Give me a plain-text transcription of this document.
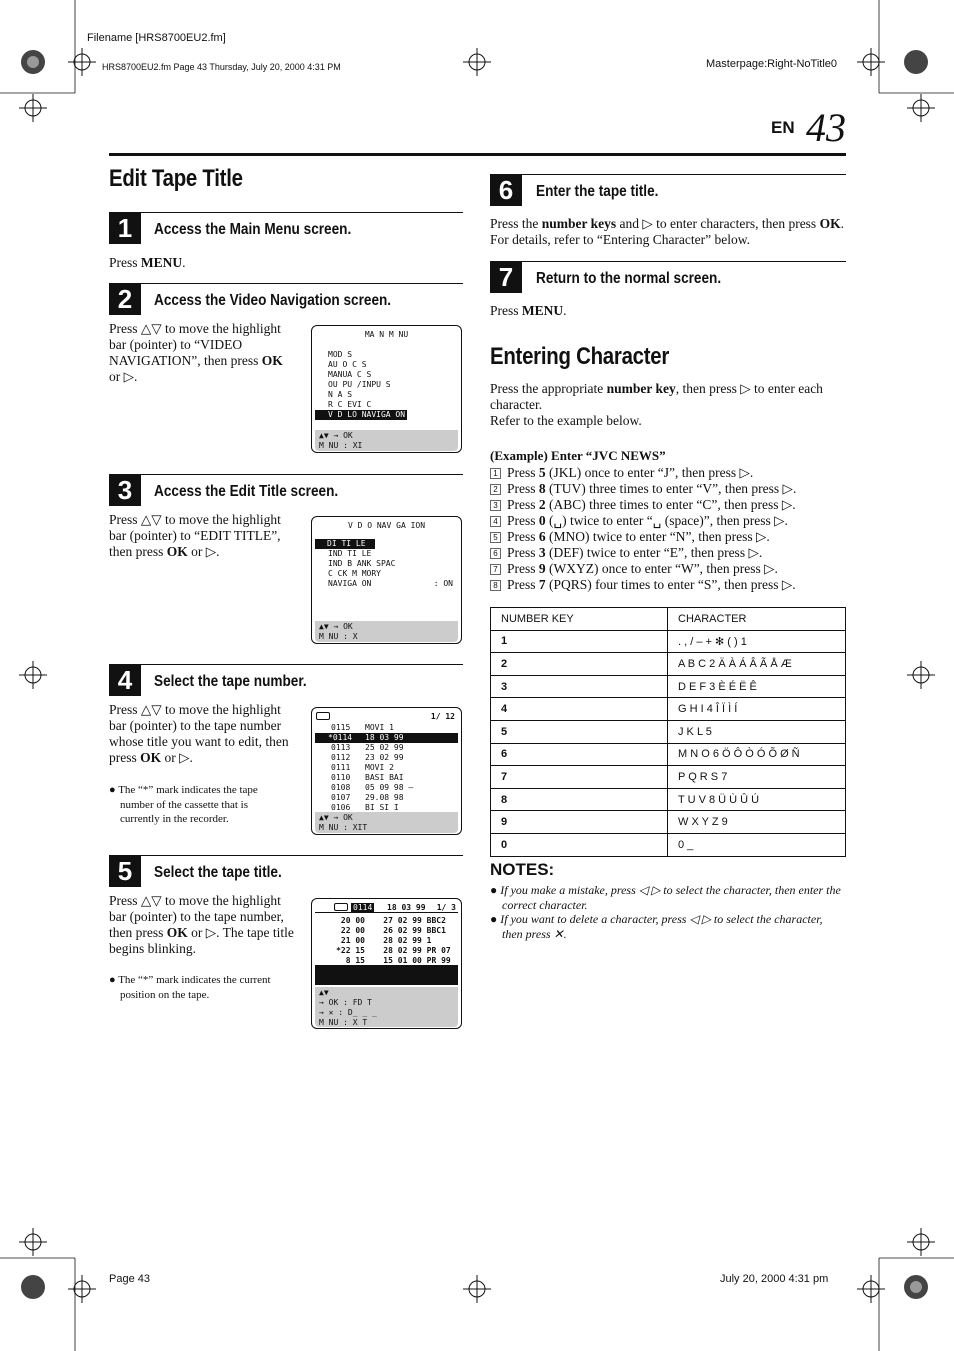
Filename [HRS8700EU2.fm]
HRS8700EU2.fm Page 43 Thursday, July 20, 2000 4:31 PM	Masterpage:Right-NoTitle0
EN 43
Edit Tape Title
1	Access the Main Menu screen.
Press MENU.
2	Access the Video Navigation screen.
Press △▽ to move the highlight bar (pointer) to “VIDEO NAVIGATION”, then press OK or ▷.
MA N M NU
MOD S
AU O C S
MANUA C S
OU PU /INPU S
N A S
R C EVI C
V D LO NAVIGA ON
▲▼ → OK
M NU : XI
3	Access the Edit Title screen.
Press △▽ to move the highlight bar (pointer) to “EDIT TITLE”, then press OK or ▷.
V D O NAV GA ION
DI TI LE
IND TI LE
IND B ANK SPAC
C CK M MORY
NAVIGA ON	: ON
▲▼ → OK
M NU : X
4	Select the tape number.
Press △▽ to move the highlight bar (pointer) to the tape number whose title you want to edit, then press OK or ▷.
● The “*” mark indicates the tape number of the cassette that is currently in the recorder.
1/ 12
0115 MOVI 1
*0114 18 03 99
0113 25 02 99
0112 23 02 99
0111 MOVI 2
0110 BASI BAI
0108 05 09 98 –
0107 29.08 98
0106 BI SI I
▲▼ → OK
M NU : XIT
5	Select the tape title.
Press △▽ to move the highlight bar (pointer) to the tape number, then press OK or ▷. The tape title begins blinking.
● The “*” mark indicates the current position on the tape.
0114 18 03 99 1/ 3
20 00 27 02 99 BBC2
22 00 26 02 99 BBC1
21 00 28 02 99 1
*22 15 28 02 99 PR 07
8 15 15 01 00 PR 99
▲▼
→ OK : FD T
→ ✕ : D_ _ _
M NU : X T
6	Enter the tape title.
Press the number keys and ▷ to enter characters, then press OK. For details, refer to “Entering Character” below.
7	Return to the normal screen.
Press MENU.
Entering Character
Press the appropriate number key, then press ▷ to enter each character.
Refer to the example below.
(Example) Enter “JVC NEWS”
1 Press 5 (JKL) once to enter “J”, then press ▷.
2 Press 8 (TUV) three times to enter “V”, then press ▷.
3 Press 2 (ABC) three times to enter “C”, then press ▷.
4 Press 0 (␣) twice to enter “␣ (space)”, then press ▷.
5 Press 6 (MNO) twice to enter “N”, then press ▷.
6 Press 3 (DEF) twice to enter “E”, then press ▷.
7 Press 9 (WXYZ) once to enter “W”, then press ▷.
8 Press 7 (PQRS) four times to enter “S”, then press ▷.
NUMBER KEY	CHARACTER
1	. , / – + ✻ ( ) 1
2	A B C 2 Ä À Á Â Ã Å Æ
3	D E F 3 È É Ë Ê
4	G H I 4 Î Ï Ì Í
5	J K L 5
6	M N O 6 Ö Ô Ò Ó Õ Ø Ñ
7	P Q R S 7
8	T U V 8 Ü Ù Û Ú
9	W X Y Z 9
0	0 _
NOTES:
● If you make a mistake, press ◁ ▷ to select the character, then enter the correct character.
● If you want to delete a character, press ◁ ▷ to select the character, then press ✕.
Page 43	July 20, 2000 4:31 pm
